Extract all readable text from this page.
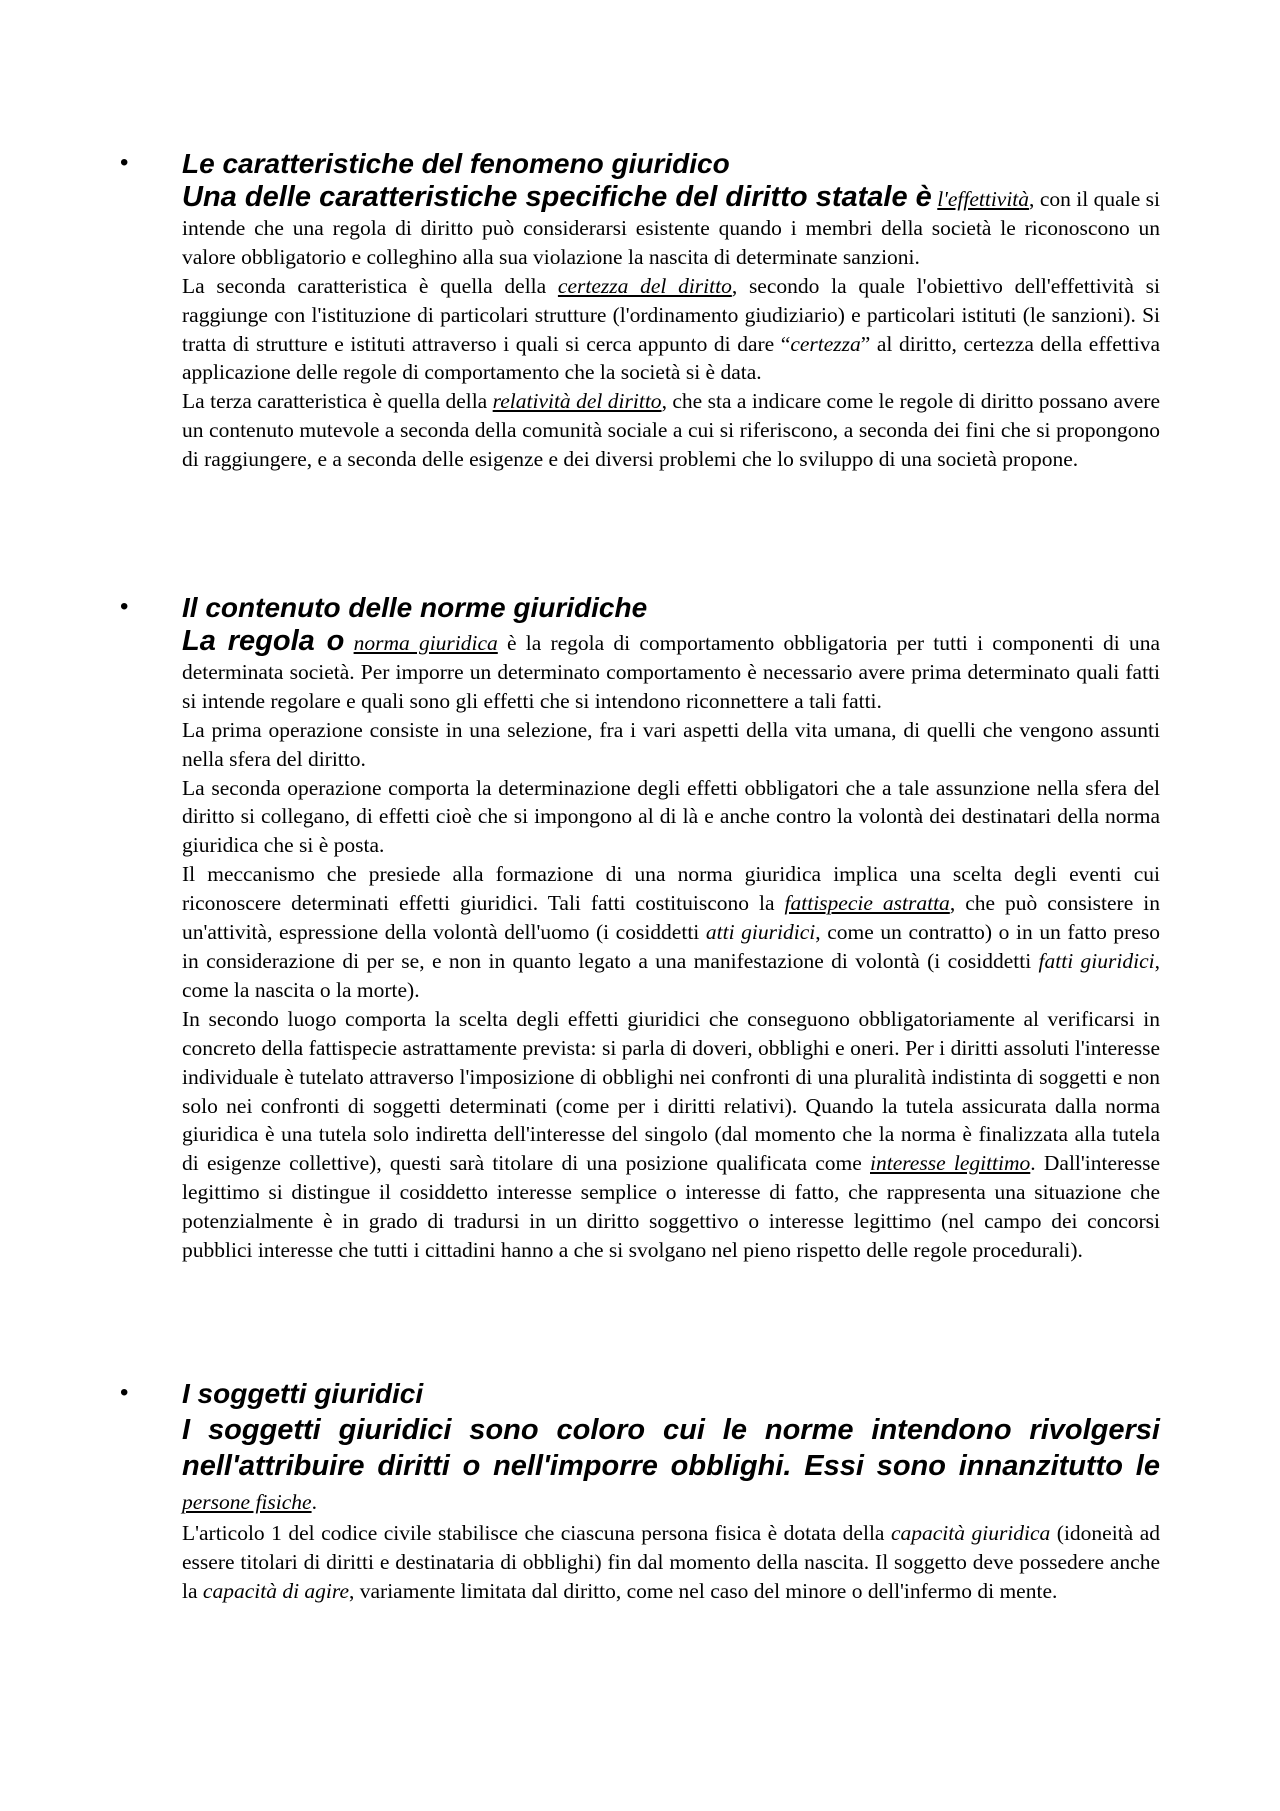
•	Le caratteristiche del fenomeno giuridico

Una delle caratteristiche specifiche del diritto statale è l'effettività, con il quale si intende che una regola di diritto può considerarsi esistente quando i membri della società le riconoscono un valore obbligatorio e colleghino alla sua violazione la nascita di determinate sanzioni.

La seconda caratteristica è quella della certezza del diritto, secondo la quale l'obiettivo dell'effettività si raggiunge con l'istituzione di particolari strutture (l'ordinamento giudiziario) e particolari istituti (le sanzioni). Si tratta di strutture e istituti attraverso i quali si cerca appunto di dare “certezza” al diritto, certezza della effettiva applicazione delle regole di comportamento che la società si è data.

La terza caratteristica è quella della relatività del diritto, che sta a indicare come le regole di diritto possano avere un contenuto mutevole a seconda della comunità sociale a cui si riferiscono, a seconda dei fini che si propongono di raggiungere, e a seconda delle esigenze e dei diversi problemi che lo sviluppo di una società propone.

•	Il contenuto delle norme giuridiche

La regola o norma giuridica è la regola di comportamento obbligatoria per tutti i componenti di una determinata società. Per imporre un determinato comportamento è necessario avere prima determinato quali fatti si intende regolare e quali sono gli effetti che si intendono riconnettere a tali fatti.

La prima operazione consiste in una selezione, fra i vari aspetti della vita umana, di quelli che vengono assunti nella sfera del diritto.

La seconda operazione comporta la determinazione degli effetti obbligatori che a tale assunzione nella sfera del diritto si collegano, di effetti cioè che si impongono al di là e anche contro la volontà dei destinatari della norma giuridica che si è posta.

Il meccanismo che presiede alla formazione di una norma giuridica implica una scelta degli eventi cui riconoscere determinati effetti giuridici. Tali fatti costituiscono la fattispecie astratta, che può consistere in un'attività, espressione della volontà dell'uomo (i cosiddetti atti giuridici, come un contratto) o in un fatto preso in considerazione di per se, e non in quanto legato a una manifestazione di volontà (i cosiddetti fatti giuridici, come la nascita o la morte).

In secondo luogo comporta la scelta degli effetti giuridici che conseguono obbligatoriamente al verificarsi in concreto della fattispecie astrattamente prevista: si parla di doveri, obblighi e oneri. Per i diritti assoluti l'interesse individuale è tutelato attraverso l'imposizione di obblighi nei confronti di una pluralità indistinta di soggetti e non solo nei confronti di soggetti determinati (come per i diritti relativi). Quando la tutela assicurata dalla norma giuridica è una tutela solo indiretta dell'interesse del singolo (dal momento che la norma è finalizzata alla tutela di esigenze collettive), questi sarà titolare di una posizione qualificata come interesse legittimo. Dall'interesse legittimo si distingue il cosiddetto interesse semplice o interesse di fatto, che rappresenta una situazione che potenzialmente è in grado di tradursi in un diritto soggettivo o interesse legittimo (nel campo dei concorsi pubblici interesse che tutti i cittadini hanno a che si svolgano nel pieno rispetto delle regole procedurali).

•	I soggetti giuridici

I soggetti giuridici sono coloro cui le norme intendono rivolgersi nell'attribuire diritti o nell'imporre obblighi. Essi sono innanzitutto le persone fisiche.

L'articolo 1 del codice civile stabilisce che ciascuna persona fisica è dotata della capacità giuridica (idoneità ad essere titolari di diritti e destinataria di obblighi) fin dal momento della nascita. Il soggetto deve possedere anche la capacità di agire, variamente limitata dal diritto, come nel caso del minore o dell'infermo di mente.
